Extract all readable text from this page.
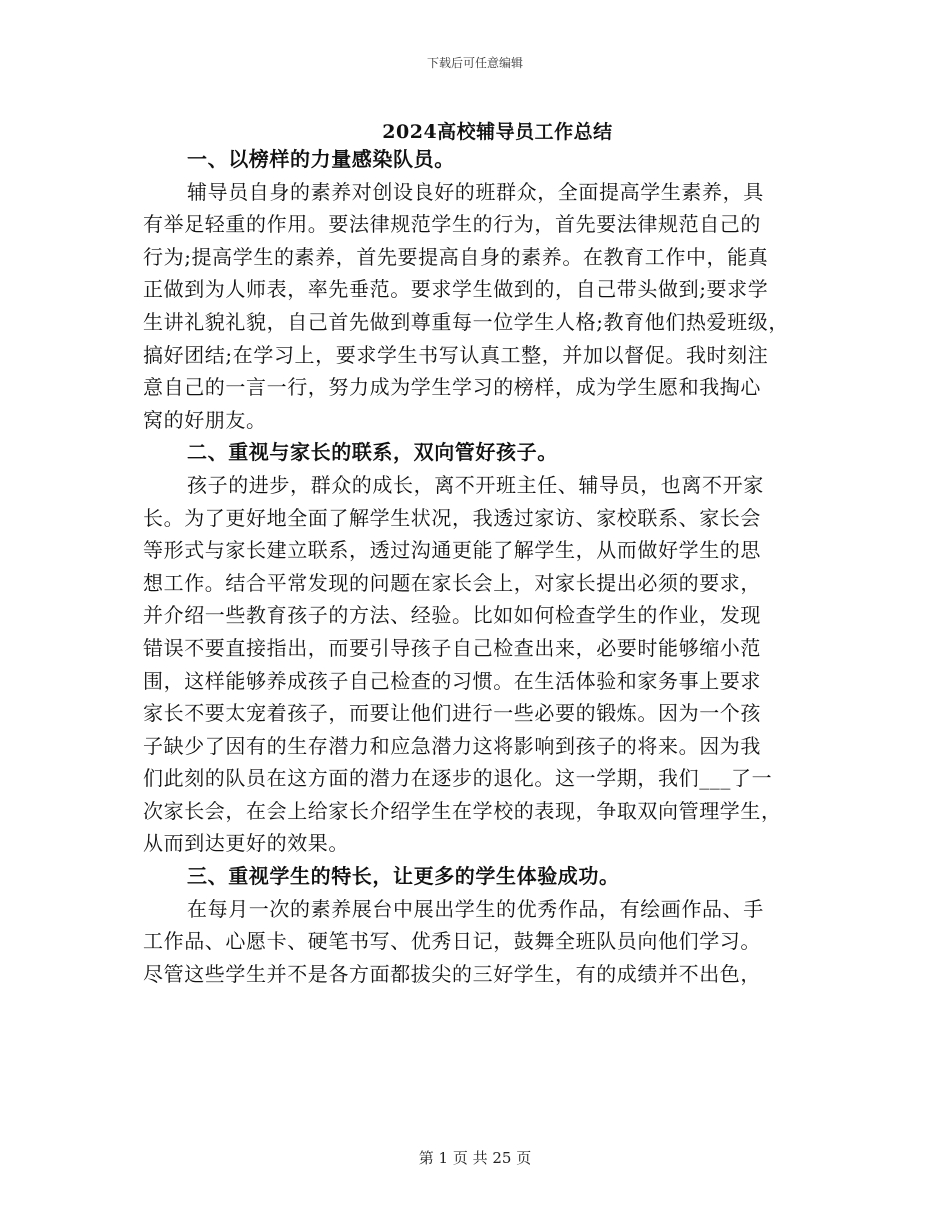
下载后可任意编辑
2024高校辅导员工作总结
一、以榜样的力量感染队员。
辅导员自身的素养对创设良好的班群众，全面提高学生素养，具
有举足轻重的作用。要法律规范学生的行为，首先要法律规范自己的
行为;提高学生的素养，首先要提高自身的素养。在教育工作中，能真
正做到为人师表，率先垂范。要求学生做到的，自己带头做到;要求学
生讲礼貌礼貌，自己首先做到尊重每一位学生人格;教育他们热爱班级，
搞好团结;在学习上，要求学生书写认真工整，并加以督促。我时刻注
意自己的一言一行，努力成为学生学习的榜样，成为学生愿和我掏心
窝的好朋友。
二、重视与家长的联系，双向管好孩子。
孩子的进步，群众的成长，离不开班主任、辅导员，也离不开家
长。为了更好地全面了解学生状况，我透过家访、家校联系、家长会
等形式与家长建立联系，透过沟通更能了解学生，从而做好学生的思
想工作。结合平常发现的问题在家长会上，对家长提出必须的要求，
并介绍一些教育孩子的方法、经验。比如如何检查学生的作业，发现
错误不要直接指出，而要引导孩子自己检查出来，必要时能够缩小范
围，这样能够养成孩子自己检查的习惯。在生活体验和家务事上要求
家长不要太宠着孩子，而要让他们进行一些必要的锻炼。因为一个孩
子缺少了因有的生存潜力和应急潜力这将影响到孩子的将来。因为我
们此刻的队员在这方面的潜力在逐步的退化。这一学期，我们___了一
次家长会，在会上给家长介绍学生在学校的表现，争取双向管理学生，
从而到达更好的效果。
三、重视学生的特长，让更多的学生体验成功。
在每月一次的素养展台中展出学生的优秀作品，有绘画作品、手
工作品、心愿卡、硬笔书写、优秀日记，鼓舞全班队员向他们学习。
尽管这些学生并不是各方面都拔尖的三好学生，有的成绩并不出色，
第 1 页 共 25 页
